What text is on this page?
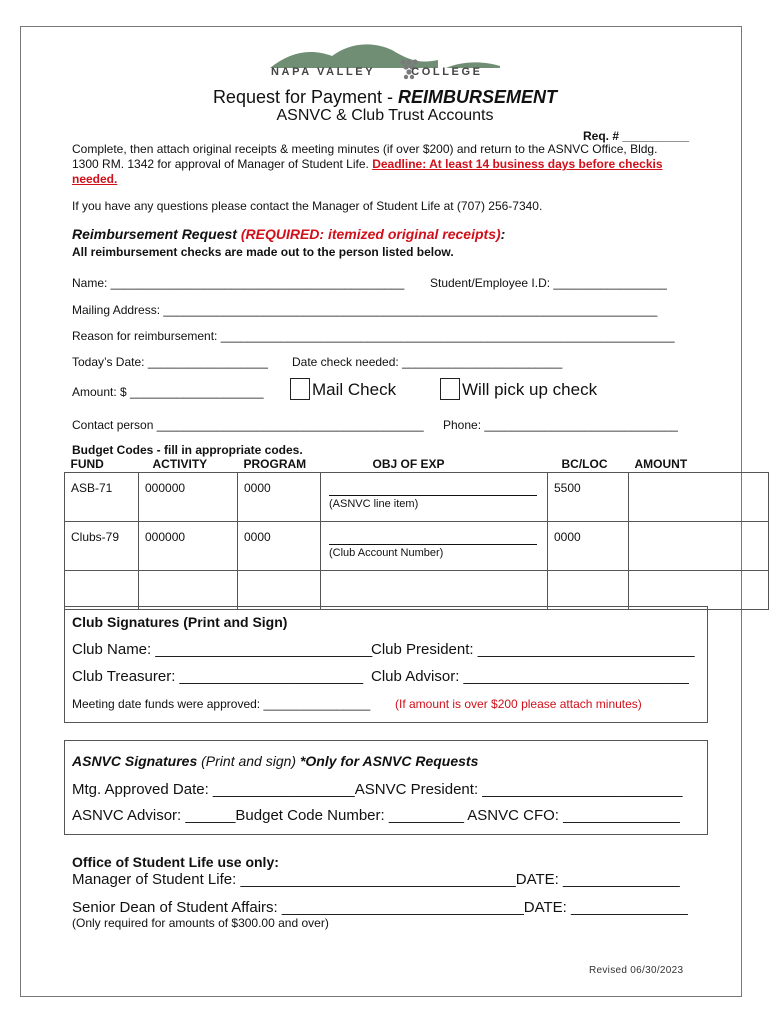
NAPA VALLEY	COLLEGE
Request for Payment - REIMBURSEMENT
ASNVC & Club Trust Accounts
Req. # __________
Complete, then attach original receipts & meeting minutes (if over $200) and return to the ASNVC Office, Bldg.
1300 RM. 1342 for approval of Manager of Student Life. Deadline: At least 14 business days before checkis
needed.
If you have any questions please contact the Manager of Student Life at (707) 256-7340.
Reimbursement Request (REQUIRED: itemized original receipts):
All reimbursement checks are made out to the person listed below.
Name: ____________________________________________ Student/Employee I.D: _________________
Mailing Address: __________________________________________________________________________
Reason for reimbursement: ____________________________________________________________________
Today’s Date: __________________ Date check needed: ________________________
Amount: $ ____________________	Mail Check	Will pick up check
Contact person ________________________________________ Phone: _____________________________
Budget Codes - fill in appropriate codes.
FUND	ACTIVITY	PROGRAM	OBJ OF EXP	BC/LOC	AMOUNT
ASB-71	000000	0000	(ASNVC line item)	5500	
Clubs-79	000000	0000	(Club Account Number)	0000	

Club Signatures (Print and Sign)
Club Name: __________________________
Club President: __________________________
Club Treasurer: ______________________ Club Advisor: ___________________________
Meeting date funds were approved: ________________ (If amount is over $200 please attach minutes)
ASNVC Signatures (Print and sign) *Only for ASNVC Requests
Mtg. Approved Date: _________________ASNVC President: ________________________
ASNVC Advisor: ______Budget Code Number: _________ ASNVC CFO: ______________
Office of Student Life use only:
Manager of Student Life: _________________________________DATE: ______________
Senior Dean of Student Affairs: _____________________________DATE: ______________
(Only required for amounts of $300.00 and over)
Revised 06/30/2023
